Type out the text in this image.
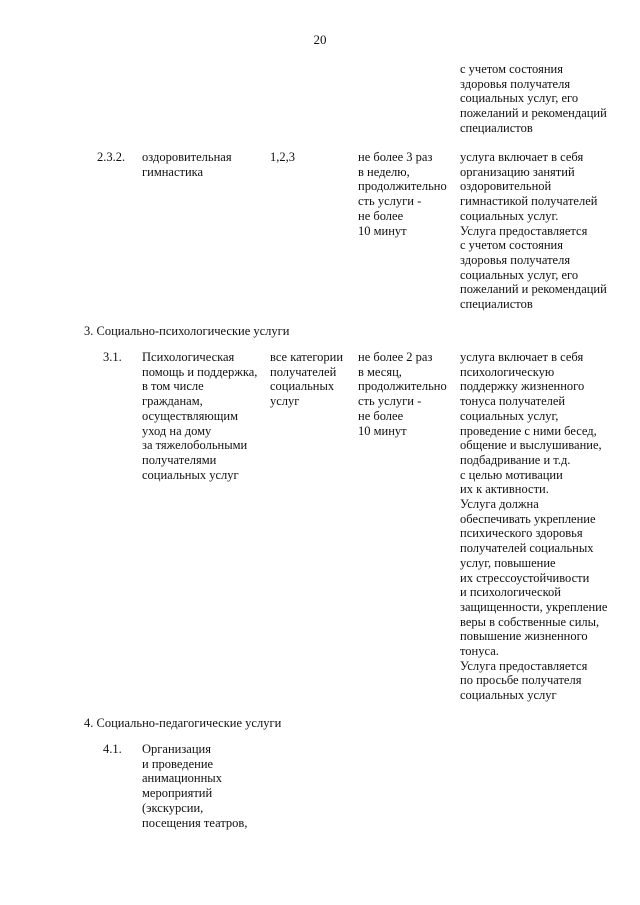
20
с учетом состояния
здоровья получателя
социальных услуг, его
пожеланий и рекомендаций
специалистов
2.3.2. оздоровительная
гимнастика
1,2,3	не более 3 раз
в неделю,
продолжительно
сть услуги -
не более
10 минут
услуга включает в себя
организацию занятий
оздоровительной
гимнастикой получателей
социальных услуг.
Услуга предоставляется
с учетом состояния
здоровья получателя
социальных услуг, его
пожеланий и рекомендаций
специалистов
3. Социально-психологические услуги
3.1. Психологическая
помощь и поддержка,
в том числе
гражданам,
осуществляющим
уход на дому
за тяжелобольными
получателями
социальных услуг
все категории
получателей
социальных
услуг
не более 2 раз
в месяц,
продолжительно
сть услуги -
не более
10 минут
услуга включает в себя
психологическую
поддержку жизненного
тонуса получателей
социальных услуг,
проведение с ними бесед,
общение и выслушивание,
подбадривание и т.д.
с целью мотивации
их к активности.
Услуга должна
обеспечивать укрепление
психического здоровья
получателей социальных
услуг, повышение
их стрессоустойчивости
и психологической
защищенности, укрепление
веры в собственные силы,
повышение жизненного
тонуса.
Услуга предоставляется
по просьбе получателя
социальных услуг
4. Социально-педагогические услуги
4.1. Организация
и проведение
анимационных
мероприятий
(экскурсии,
посещения театров,
